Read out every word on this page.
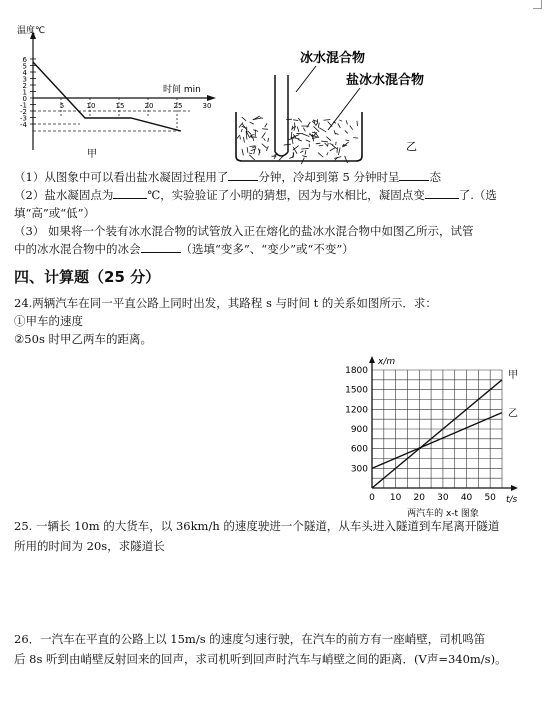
温度℃
时间 min
6
5
4
3
2
1
0
-1
-2
-3
-4
5	10	15	20	25	30
甲
冰水混合物
盐冰水混合物
乙
（1）从图象中可以看出盐水凝固过程用了	分钟，冷却到第 5 分钟时呈	态
（2）盐水凝固点为	℃，实验验证了小明的猜想，因为与水相比，凝固点变	了.（选
填“高”或“低”）
（3） 如果将一个装有冰水混合物的试管放入正在熔化的盐冰水混合物中如图乙所示，试管
中的冰水混合物中的冰会	（选填“变多”、“变少”或“不变”）
四、计算题（25 分）
24.两辆汽车在同一平直公路上同时出发，其路程 s 与时间 t 的关系如图所示．求：
①甲车的速度
②50s 时甲乙两车的距离。
300
600
900
1200
1500
1800
0 10 20 30 40 50
x/m
t/s
两汽车的 x-t 图象
甲
乙
25. 一辆长 10m 的大货车，以 36km/h 的速度驶进一个隧道，从车头进入隧道到车尾离开隧道
所用的时间为 20s，求隧道长
26．一汽车在平直的公路上以 15m/s 的速度匀速行驶，在汽车的前方有一座峭壁，司机鸣笛
后 8s 听到由峭壁反射回来的回声，求司机听到回声时汽车与峭壁之间的距离．(V声=340m/s)。
